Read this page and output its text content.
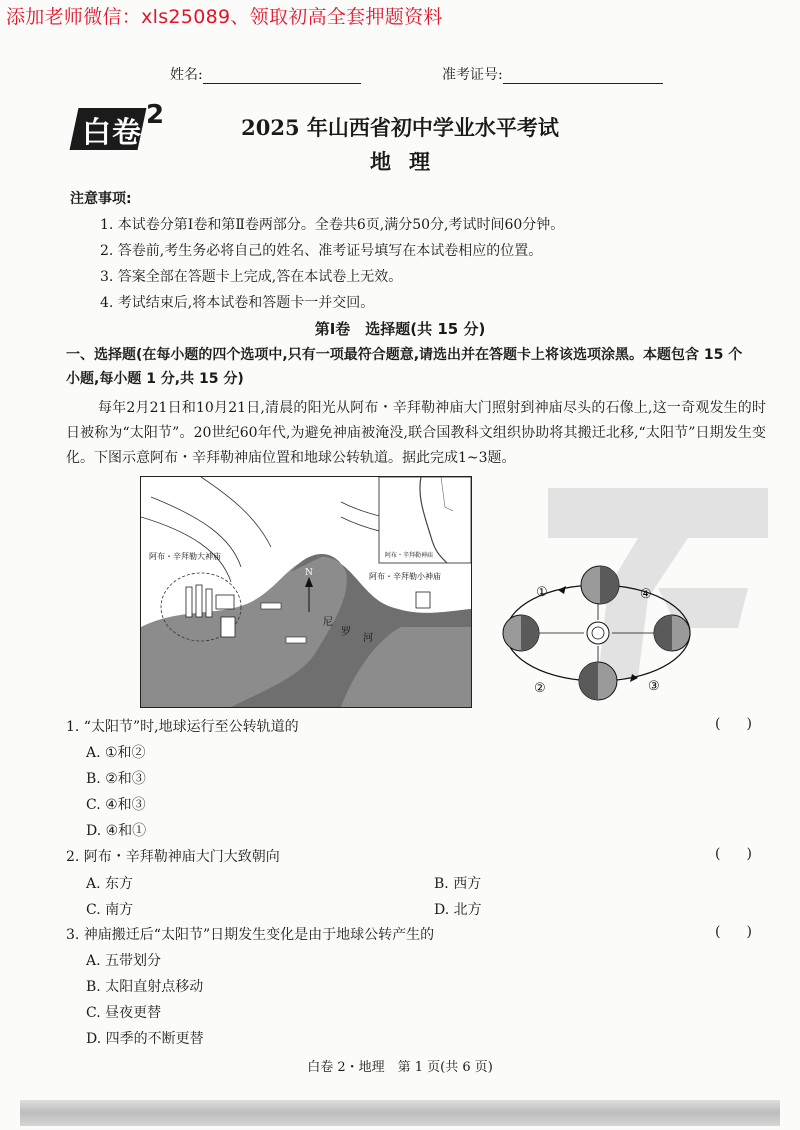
添加老师微信：xls25089、领取初高全套押题资料
姓名:	准考证号:
白卷 2	2025 年山西省初中学业水平考试
地理
注意事项:
1. 本试卷分第Ⅰ卷和第Ⅱ卷两部分。全卷共6页,满分50分,考试时间60分钟。
2. 答卷前,考生务必将自己的姓名、准考证号填写在本试卷相应的位置。
3. 答案全部在答题卡上完成,答在本试卷上无效。
4. 考试结束后,将本试卷和答题卡一并交回。
第Ⅰ卷　选择题(共 15 分)
一、选择题(在每小题的四个选项中,只有一项最符合题意,请选出并在答题卡上将该选项涂黑。本题包含 15 个小题,每小题 1 分,共 15 分)
每年2月21日和10月21日,清晨的阳光从阿布・辛拜勒神庙大门照射到神庙尽头的石像上,这一奇观发生的时日被称为“太阳节”。20世纪60年代,为避免神庙被淹没,联合国教科文组织协助将其搬迁北移,“太阳节”日期发生变化。下图示意阿布・辛拜勒神庙位置和地球公转轨道。据此完成1~3题。
N
尼
罗
河
阿布・辛拜勒大神庙
阿布・辛拜勒小神庙
阿布・辛拜勒神庙
①
②	③
④
1. “太阳节”时,地球运行至公转轨道的	()
A. ①和②
B. ②和③
C. ④和③
D. ④和①
2. 阿布・辛拜勒神庙大门大致朝向	()
A. 东方	B. 西方
C. 南方	D. 北方
3. 神庙搬迁后“太阳节”日期发生变化是由于地球公转产生的	()
A. 五带划分
B. 太阳直射点移动
C. 昼夜更替
D. 四季的不断更替
白卷 2・地理　第 1 页(共 6 页)
